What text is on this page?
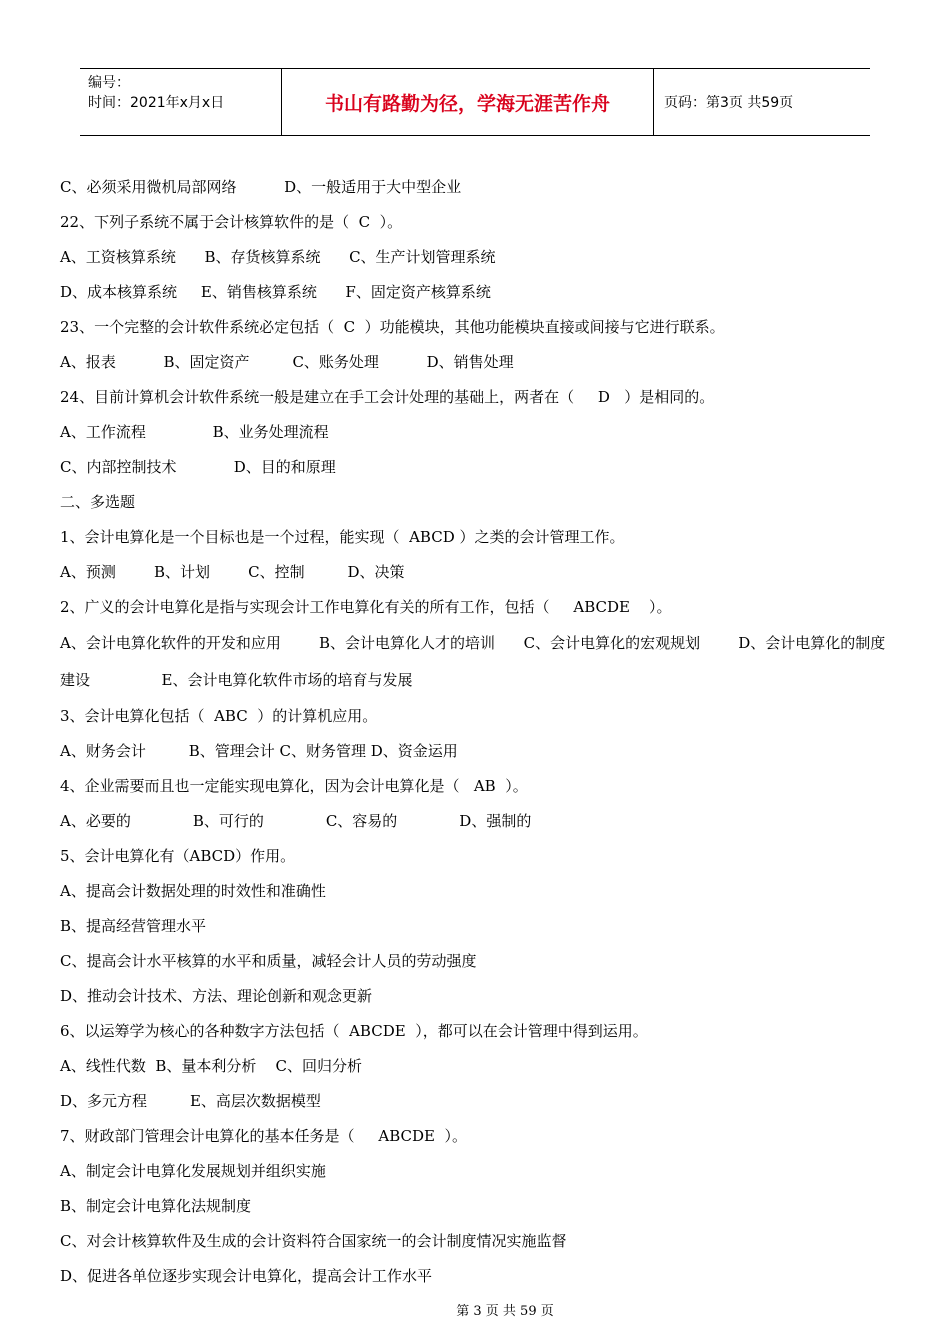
编号：
时间：2021年x月x日	书山有路勤为径，学海无涯苦作舟	页码：第3页 共59页
C、必须采用微机局部网络          D、一般适用于大中型企业
22、下列子系统不属于会计核算软件的是（  C  ）。
A、工资核算系统      B、存货核算系统      C、生产计划管理系统
D、成本核算系统     E、销售核算系统      F、固定资产核算系统
23、一个完整的会计软件系统必定包括（  C  ）功能模块，其他功能模块直接或间接与它进行联系。
A、报表          B、固定资产         C、账务处理          D、销售处理
24、目前计算机会计软件系统一般是建立在手工会计处理的基础上，两者在（     D   ）是相同的。
A、工作流程              B、业务处理流程
C、内部控制技术            D、目的和原理
二、多选题
1、会计电算化是一个目标也是一个过程，能实现（  ABCD ）之类的会计管理工作。
A、预测        B、计划        C、控制         D、决策
2、广义的会计电算化是指与实现会计工作电算化有关的所有工作，包括（     ABCDE    ）。
A、会计电算化软件的开发和应用        B、会计电算化人才的培训      C、会计电算化的宏观规划        D、会计电算化的制度建设               E、会计电算化软件市场的培育与发展
3、会计电算化包括（  ABC  ）的计算机应用。
A、财务会计         B、管理会计 C、财务管理 D、资金运用
4、企业需要而且也一定能实现电算化，因为会计电算化是（   AB  ）。
A、必要的             B、可行的             C、容易的             D、强制的
5、会计电算化有（ABCD）作用。
A、提高会计数据处理的时效性和准确性
B、提高经营管理水平
C、提高会计水平核算的水平和质量，减轻会计人员的劳动强度
D、推动会计技术、方法、理论创新和观念更新
6、以运筹学为核心的各种数字方法包括（  ABCDE  ），都可以在会计管理中得到运用。
A、线性代数  B、量本利分析    C、回归分析
D、多元方程         E、高层次数据模型
7、财政部门管理会计电算化的基本任务是（     ABCDE  ）。
A、制定会计电算化发展规划并组织实施
B、制定会计电算化法规制度
C、对会计核算软件及生成的会计资料符合国家统一的会计制度情况实施监督
D、促进各单位逐步实现会计电算化，提高会计工作水平
第 3 页 共 59 页
